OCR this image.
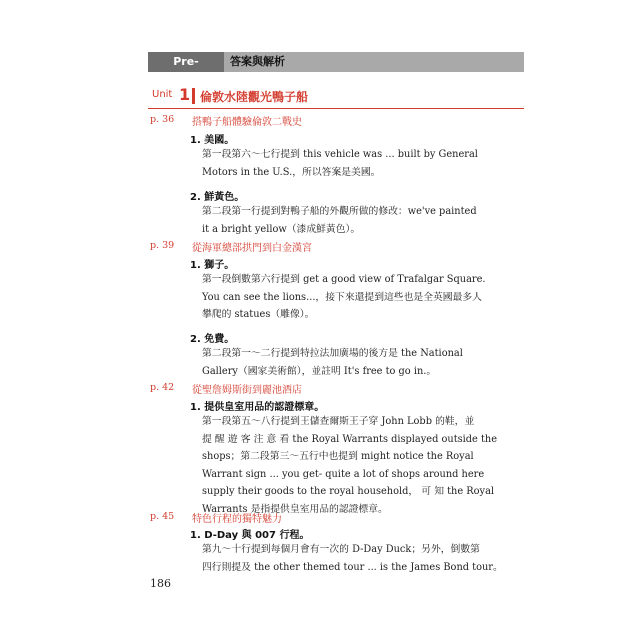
Pre-Question
答案與解析
Unit 1 倫敦水陸觀光鴨子船
p. 36 搭鴨子船體驗倫敦二戰史
1. 美國。
第一段第六～七行提到 this vehicle was ... built by General
Motors in the U.S.，所以答案是美國。
2. 鮮黃色。
第二段第一行提到對鴨子船的外觀所做的修改：we've painted
it a bright yellow（漆成鮮黃色）。
p. 39 從海軍總部拱門到白金漢宮
1. 獅子。
第一段倒數第六行提到 get a good view of Trafalgar Square.
You can see the lions...，接下來還提到這些也是全英國最多人
攀爬的 statues（雕像）。
2. 免費。
第二段第一～二行提到特拉法加廣場的後方是 the National
Gallery（國家美術館），並註明 It's free to go in.。
p. 42 從聖詹姆斯街到麗池酒店
1. 提供皇室用品的認證標章。
第一段第五～八行提到王儲查爾斯王子穿 John Lobb 的鞋，並
提 醒 遊 客 注 意 看 the Royal Warrants displayed outside the
shops；第二段第三～五行中也提到 might notice the Royal
Warrant sign ... you get- quite a lot of shops around here
supply their goods to the royal household， 可 知 the Royal
Warrants 是指提供皇室用品的認證標章。
p. 45 特色行程的獨特魅力
1. D-Day 與 007 行程。
第九～十行提到每個月會有一次的 D-Day Duck；另外，倒數第
四行則提及 the other themed tour ... is the James Bond tour。
186
